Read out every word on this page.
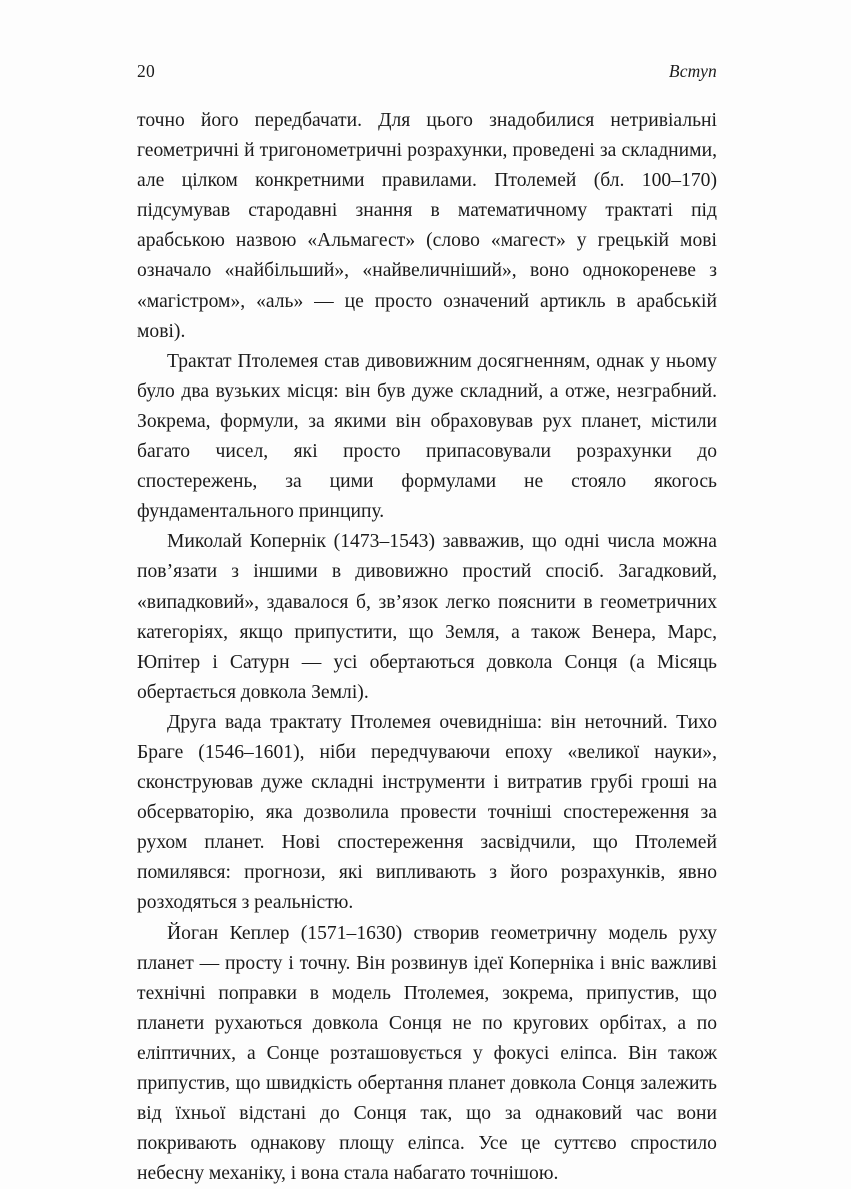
20	Вступ

точно його передбачати. Для цього знадобилися нетривіальні геометричні й тригонометричні розрахунки, проведені за складними, але цілком конкретними правилами. Птолемей (бл. 100–170) підсумував стародавні знання в математичному трактаті під арабською назвою «Альмагест» (слово «магест» у грецькій мові означало «найбільший», «найвеличніший», воно однокореневе з «магістром», «аль» — це просто означений артикль в арабській мові).

Трактат Птолемея став дивовижним досягненням, однак у ньому було два вузьких місця: він був дуже складний, а отже, незграбний. Зокрема, формули, за якими він обраховував рух планет, містили багато чисел, які просто припасовували розрахунки до спостережень, за цими формулами не стояло якогось фундаментального принципу.

Миколай Копернік (1473–1543) завважив, що одні числа можна пов’язати з іншими в дивовижно простий спосіб. Загадковий, «випадковий», здавалося б, зв’язок легко пояснити в геометричних категоріях, якщо припустити, що Земля, а також Венера, Марс, Юпітер і Сатурн — усі обертаються довкола Сонця (а Місяць обертається довкола Землі).

Друга вада трактату Птолемея очевидніша: він неточний. Тихо Браге (1546–1601), ніби передчуваючи епоху «великої науки», сконструював дуже складні інструменти і витратив грубі гроші на обсерваторію, яка дозволила провести точніші спостереження за рухом планет. Нові спостереження засвідчили, що Птолемей помилявся: прогнози, які випливають з його розрахунків, явно розходяться з реальністю.

Йоган Кеплер (1571–1630) створив геометричну модель руху планет — просту і точну. Він розвинув ідеї Коперніка і вніс важливі технічні поправки в модель Птолемея, зокрема, припустив, що планети рухаються довкола Сонця не по кругових орбітах, а по еліптичних, а Сонце розташовується у фокусі еліпса. Він також припустив, що швидкість обертання планет довкола Сонця залежить від їхньої відстані до Сонця так, що за однаковий час вони покривають однакову площу еліпса. Усе це суттєво спростило небесну механіку, і вона стала набагато точнішою.
